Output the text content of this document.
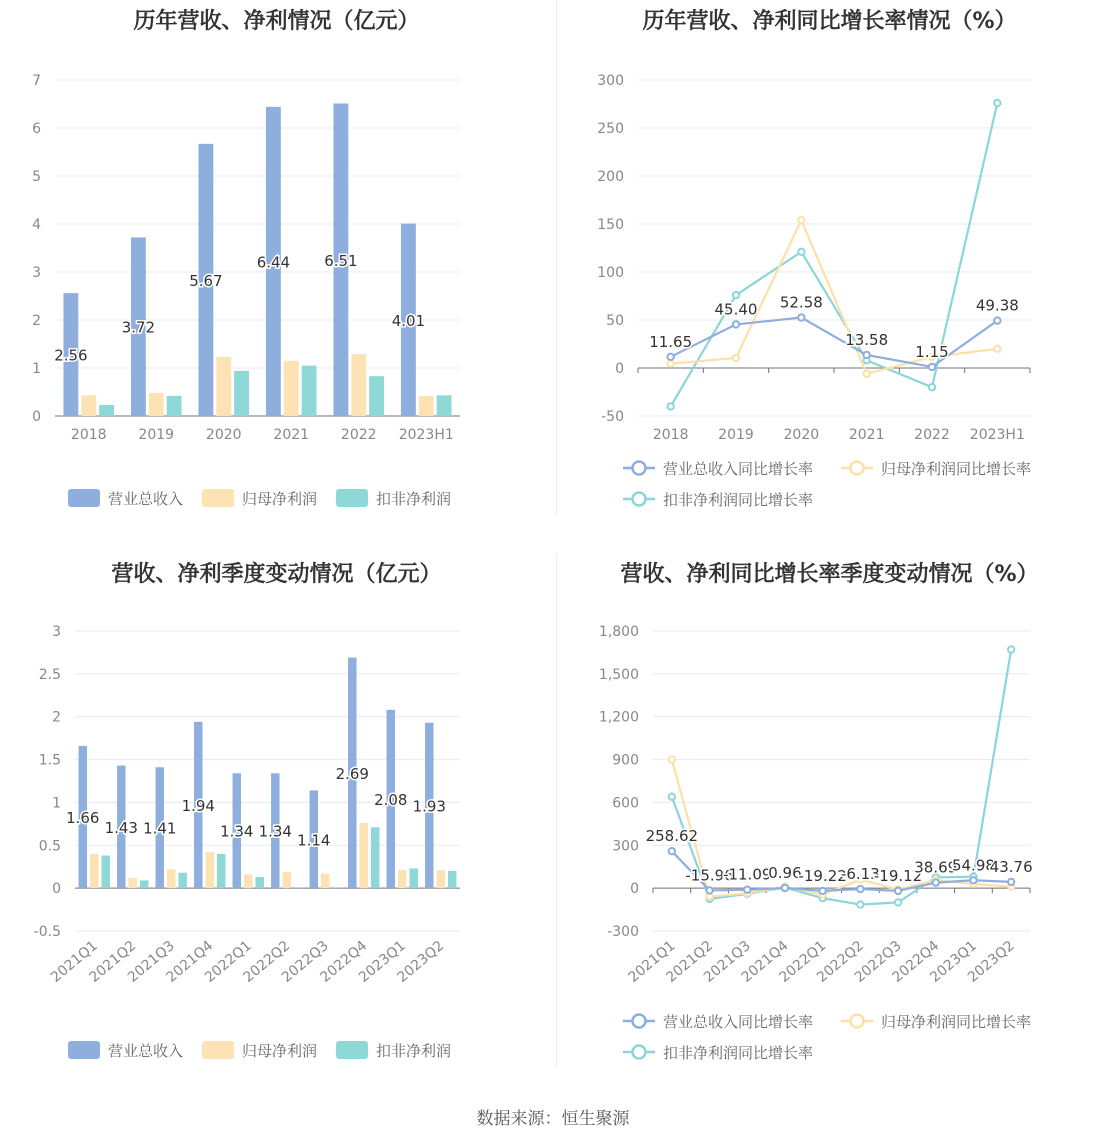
历年营收、净利情况（亿元）
0
1
2
3
4
5
6
7
2.56
3.72
5.67
6.44 6.51
4.01
2018 2019 2020 2021 2022 2023H1
营业总收入	归母净利润	扣非净利润
历年营收、净利同比增长率情况（%）
-50
0
50
100
150
200
250
300
11.65
45.40 52.58
13.58
1.15
49.38
2018 2019 2020 2021 2022 2023H1
营业总收入同比增长率	归母净利润同比增长率
扣非净利润同比增长率
营收、净利季度变动情况（亿元）
-0.5
0
0.5
1
1.5
2
2.5
3
1.66
1.43 1.41
1.94
1.34 1.34 1.14
2.69
2.08 1.93
2021Q1
2021Q2
2021Q3
2021Q4
2022Q1
2022Q2
2022Q3
2022Q4
2023Q1
2023Q2
营业总收入	归母净利润	扣非净利润
营收、净利同比增长率季度变动情况（%）
-300
0
300
600
900
1,200
1,500
1,800
258.62
-15.96
-11.09
0.96
-19.22
-6.13
-19.12
38.69
54.98
43.76
2021Q1
2021Q2
2021Q3
2021Q4
2022Q1
2022Q2
2022Q3
2022Q4
2023Q1
2023Q2
营业总收入同比增长率	归母净利润同比增长率
扣非净利润同比增长率
数据来源：恒生聚源
